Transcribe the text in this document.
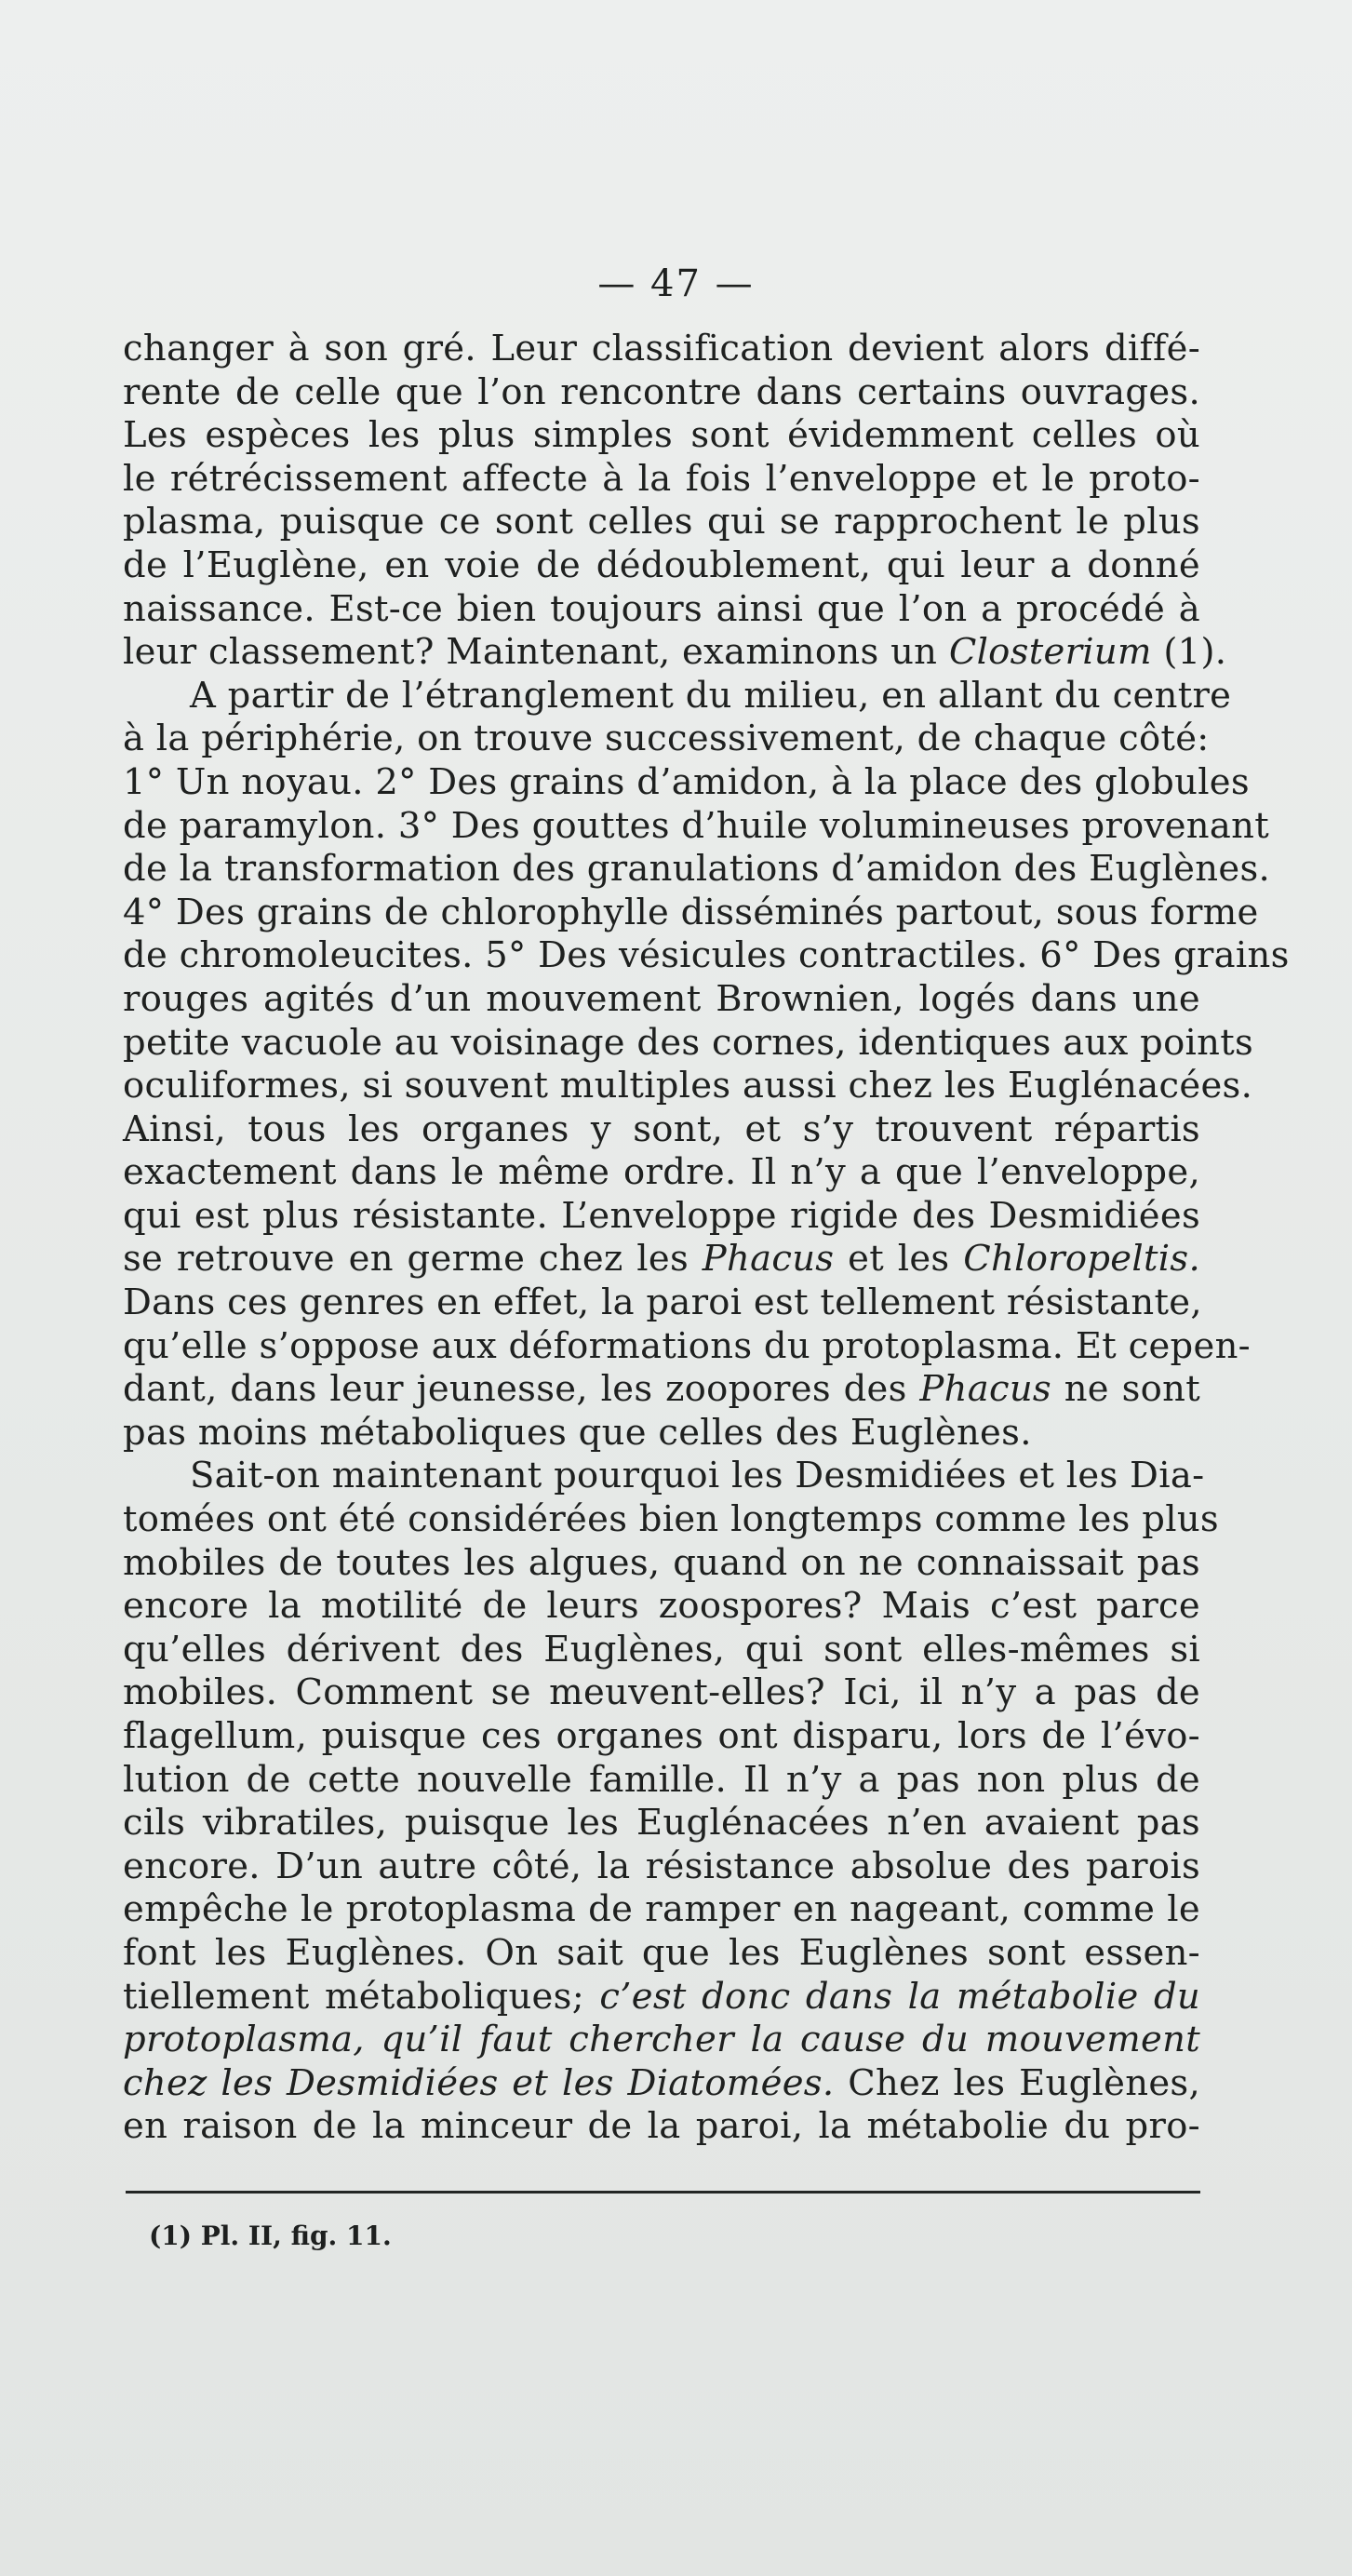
— 47 —
changer à son gré. Leur classification devient alors diffé-
rente de celle que l’on rencontre dans certains ouvrages.
Les espèces les plus simples sont évidemment celles où
le rétrécissement affecte à la fois l’enveloppe et le proto-
plasma, puisque ce sont celles qui se rapprochent le plus
de l’Euglène, en voie de dédoublement, qui leur a donné
naissance. Est-ce bien toujours ainsi que l’on a procédé à
leur classement? Maintenant, examinons un Closterium (1).
A partir de l’étranglement du milieu, en allant du centre
à la périphérie, on trouve successivement, de chaque côté:
1° Un noyau. 2° Des grains d’amidon, à la place des globules
de paramylon. 3° Des gouttes d’huile volumineuses provenant
de la transformation des granulations d’amidon des Euglènes.
4° Des grains de chlorophylle disséminés partout, sous forme
de chromoleucites. 5° Des vésicules contractiles. 6° Des grains
rouges agités d’un mouvement Brownien, logés dans une
petite vacuole au voisinage des cornes, identiques aux points
oculiformes, si souvent multiples aussi chez les Euglénacées.
Ainsi, tous les organes y sont, et s’y trouvent répartis
exactement dans le même ordre. Il n’y a que l’enveloppe,
qui est plus résistante. L’enveloppe rigide des Desmidiées
se retrouve en germe chez les Phacus et les Chloropeltis.
Dans ces genres en effet, la paroi est tellement résistante,
qu’elle s’oppose aux déformations du protoplasma. Et cepen-
dant, dans leur jeunesse, les zoopores des Phacus ne sont
pas moins métaboliques que celles des Euglènes.
Sait-on maintenant pourquoi les Desmidiées et les Dia-
tomées ont été considérées bien longtemps comme les plus
mobiles de toutes les algues, quand on ne connaissait pas
encore la motilité de leurs zoospores? Mais c’est parce
qu’elles dérivent des Euglènes, qui sont elles-mêmes si
mobiles. Comment se meuvent-elles? Ici, il n’y a pas de
flagellum, puisque ces organes ont disparu, lors de l’évo-
lution de cette nouvelle famille. Il n’y a pas non plus de
cils vibratiles, puisque les Euglénacées n’en avaient pas
encore. D’un autre côté, la résistance absolue des parois
empêche le protoplasma de ramper en nageant, comme le
font les Euglènes. On sait que les Euglènes sont essen-
tiellement métaboliques; c’est donc dans la métabolie du
protoplasma, qu’il faut chercher la cause du mouvement
chez les Desmidiées et les Diatomées. Chez les Euglènes,
en raison de la minceur de la paroi, la métabolie du pro-
(1) Pl. II, fig. 11.
